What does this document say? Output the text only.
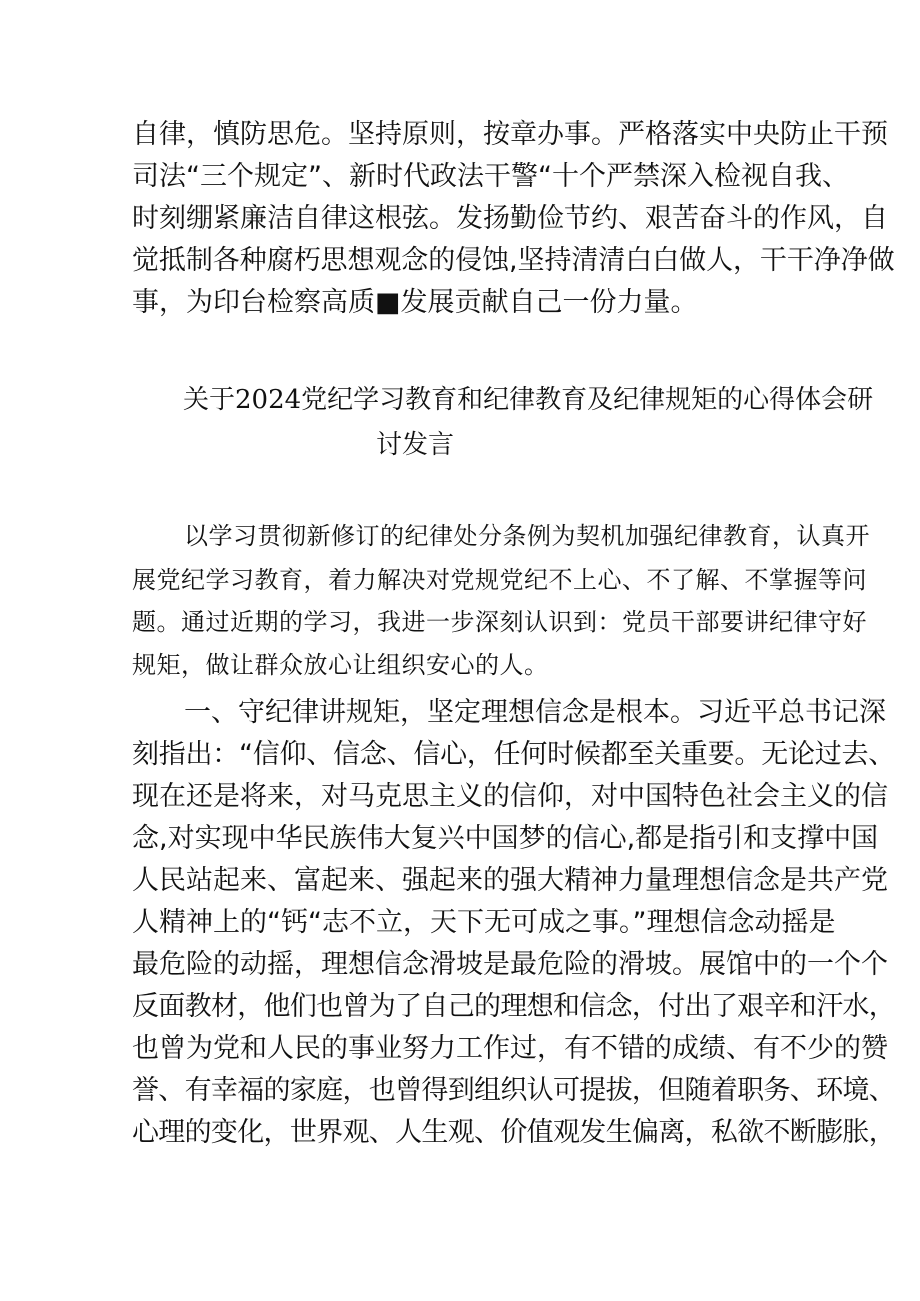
自律，慎防思危。坚持原则，按章办事。严格落实中央防止干预
司法“三个规定”、新时代政法干警“十个严禁深入检视自我、
时刻绷紧廉洁自律这根弦。发扬勤俭节约、艰苦奋斗的作风，自
觉抵制各种腐朽思想观念的侵蚀,坚持清清白白做人，干干净净做
事，为印台检察高质■发展贡献自己一份力量。
关于2024党纪学习教育和纪律教育及纪律规矩的心得体会研
讨发言
以学习贯彻新修订的纪律处分条例为契机加强纪律教育，认真开
展党纪学习教育，着力解决对党规党纪不上心、不了解、不掌握等问
题。通过近期的学习，我进一步深刻认识到：党员干部要讲纪律守好
规矩，做让群众放心让组织安心的人。
一、守纪律讲规矩，坚定理想信念是根本。习近平总书记深
刻指出：“信仰、信念、信心，任何时候都至关重要。无论过去、
现在还是将来，对马克思主义的信仰，对中国特色社会主义的信
念,对实现中华民族伟大复兴中国梦的信心,都是指引和支撑中国
人民站起来、富起来、强起来的强大精神力量理想信念是共产党
人精神上的“钙“志不立，天下无可成之事。”理想信念动摇是
最危险的动摇，理想信念滑坡是最危险的滑坡。展馆中的一个个
反面教材，他们也曾为了自己的理想和信念，付出了艰辛和汗水，
也曾为党和人民的事业努力工作过，有不错的成绩、有不少的赞
誉、有幸福的家庭，也曾得到组织认可提拔，但随着职务、环境、
心理的变化，世界观、人生观、价值观发生偏离，私欲不断膨胀，
